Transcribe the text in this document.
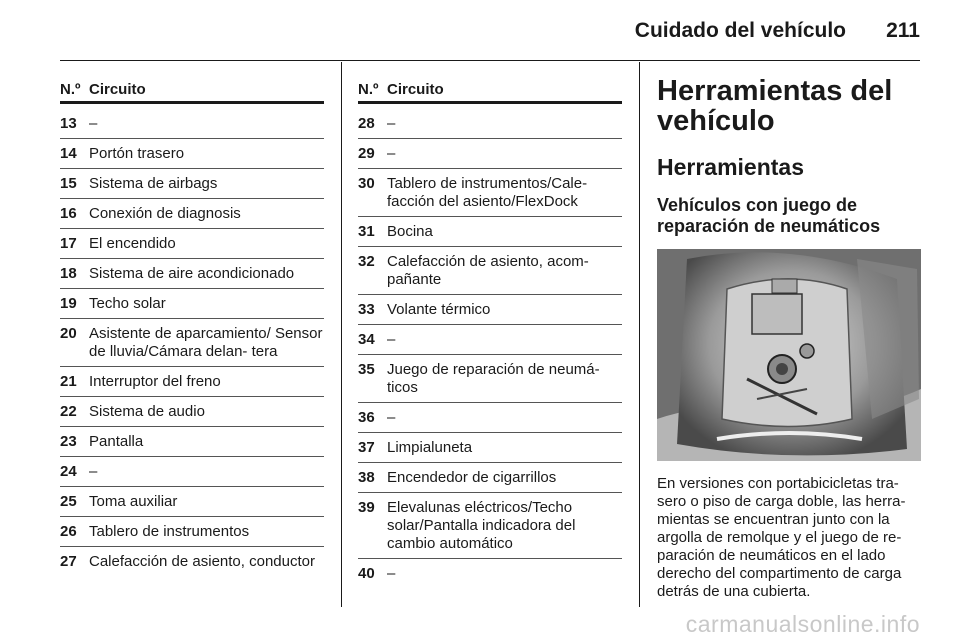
Cuidado del vehículo 211
N.º Circuito
13 –
14 Portón trasero
15 Sistema de airbags
16 Conexión de diagnosis
17 El encendido
18 Sistema de aire acondicionado
19 Techo solar
20 Asistente de aparcamiento/ Sensor de lluvia/Cámara delan‐ tera
21 Interruptor del freno
22 Sistema de audio
23 Pantalla
24 –
25 Toma auxiliar
26 Tablero de instrumentos
27 Calefacción de asiento, conductor
N.º Circuito
28 –
29 –
30 Tablero de instrumentos/Cale‐ facción del asiento/FlexDock
31 Bocina
32 Calefacción de asiento, acom‐ pañante
33 Volante térmico
34 –
35 Juego de reparación de neumá‐ ticos
36 –
37 Limpialuneta
38 Encendedor de cigarrillos
39 Elevalunas eléctricos/Techo solar/Pantalla indicadora del cambio automático
40 –
Herramientas del vehículo
Herramientas
Vehículos con juego de reparación de neumáticos
En versiones con portabicicletas tra‐ sero o piso de carga doble, las herra‐ mientas se encuentran junto con la argolla de remolque y el juego de re‐ paración de neumáticos en el lado derecho del compartimento de carga detrás de una cubierta.
carmanualsonline.info
